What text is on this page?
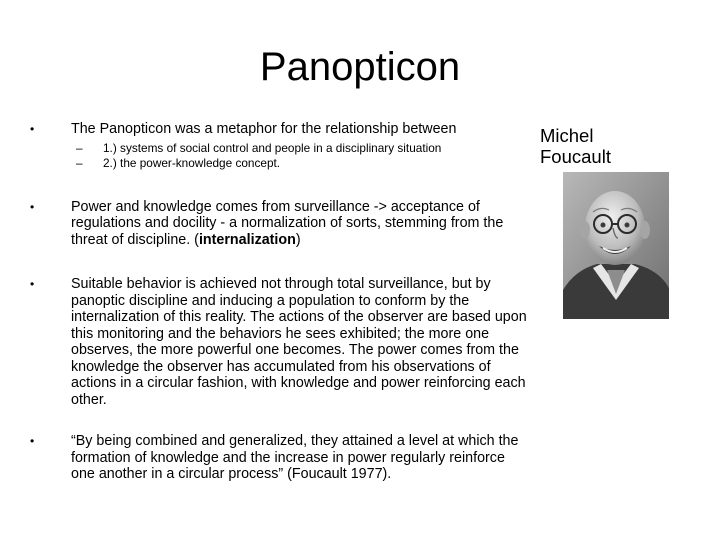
Panopticon
•	The Panopticon was a metaphor for the relationship between
– 1.) systems of social control and people in a disciplinary situation
– 2.) the power-knowledge concept.
•	Power and knowledge comes from surveillance -> acceptance of regulations and docility - a normalization of sorts, stemming from the threat of discipline. (internalization)
•	Suitable behavior is achieved not through total surveillance, but by panoptic discipline and inducing a population to conform by the internalization of this reality. The actions of the observer are based upon this monitoring and the behaviors he sees exhibited; the more one observes, the more powerful one becomes. The power comes from the knowledge the observer has accumulated from his observations of actions in a circular fashion, with knowledge and power reinforcing each other.
•	“By being combined and generalized, they attained a level at which the formation of knowledge and the increase in power regularly reinforce one another in a circular process” (Foucault 1977).
Michel
Foucault
